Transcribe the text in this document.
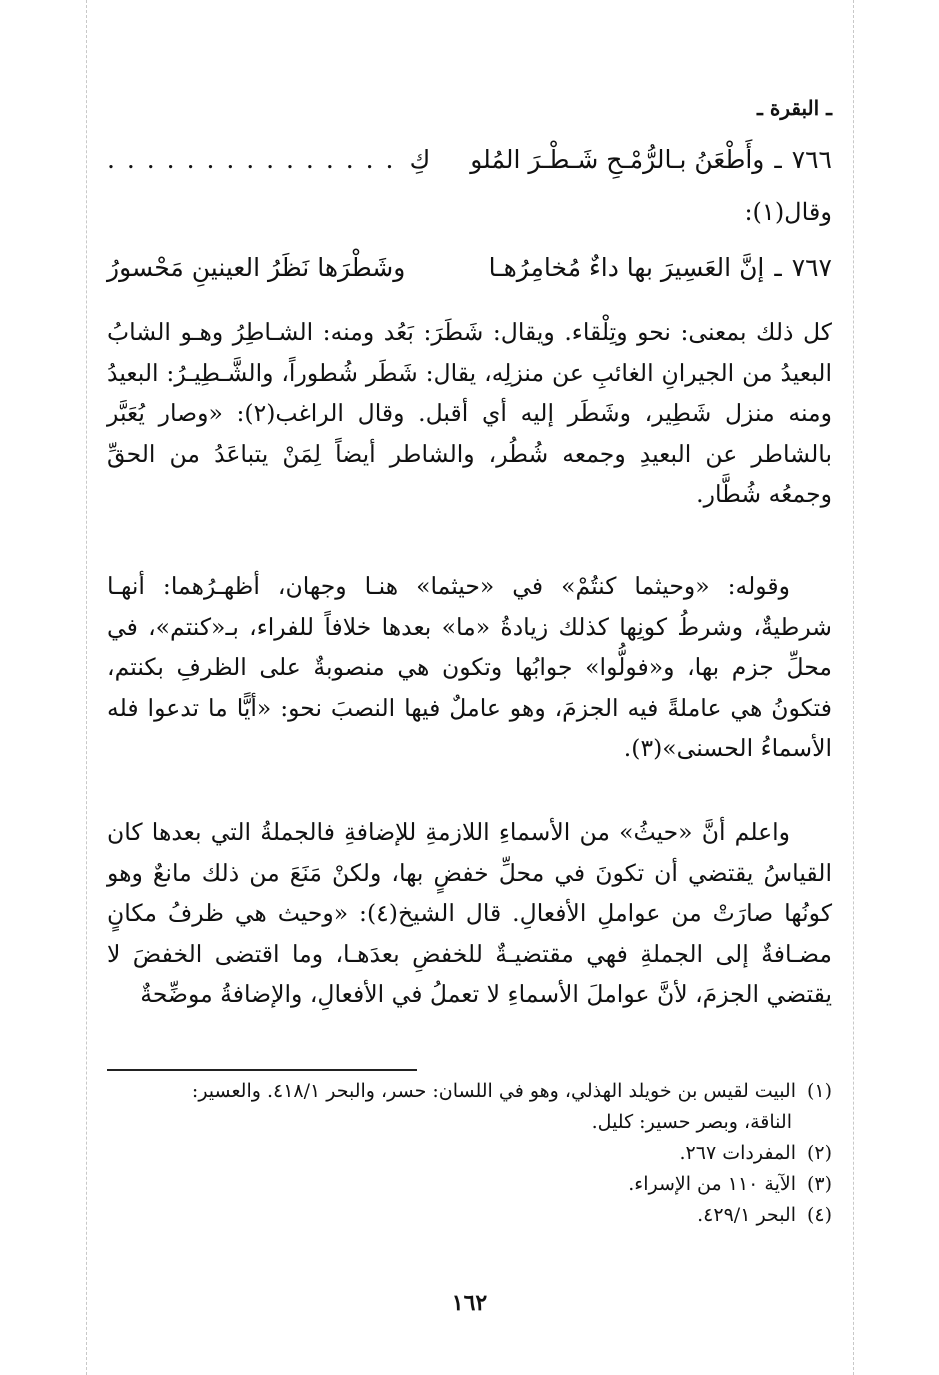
ـ البقرة ـ
٧٦٦
ـ
وأَطْعَنُ بـالرُّمْـحِ شَـطْـرَ المُلو
كِ
. . . . . . . . . . . . . . .
وقال(١):
٧٦٧
ـ
إنَّ العَسِيرَ بها داءٌ مُخامِرُهـا
وشَطْرَها نَظَرُ العينينِ مَحْسورُ

كل ذلك بمعنى: نحو وتِلْقاء. ويقال: شَطَرَ: بَعُد ومنه: الشـاطِرُ وهـو الشابُ البعيدُ من الجيرانِ الغائبِ عن منزلِه، يقال: شَطَر شُطوراً، والشَّـطِيـرُ: البعيدُ ومنه منزل شَطِير، وشَطَر إليه أي أقبل. وقال الراغب(٢): «وصار يُعَبَّر بالشاطر عن البعيدِ وجمعه شُطُر، والشاطر أيضاً لِمَنْ يتباعَدُ من الحقِّ وجمعُه شُطَّار.

وقوله: «وحيثما كنتُمْ» في «حيثما» هنـا وجهان، أظهـرُهما: أنهـا شرطيةٌ، وشرطُ كونِها كذلك زيادةُ «ما» بعدها خلافاً للفراء، بـ«كنتم»، في محلِّ جزم بها، و«فولُّوا» جوابُها وتكون هي منصوبةٌ على الظرفِ بكنتم، فتكونُ هي عاملةً فيه الجزمَ، وهو عاملٌ فيها النصبَ نحو: «أيًّا ما تدعوا فله الأسماءُ الحسنى»(٣).

واعلم أنَّ «حيثُ» من الأسماءِ اللازمةِ للإضافةِ فالجملةُ التي بعدها كان القياسُ يقتضي أن تكونَ في محلِّ خفضٍ بها، ولكنْ مَنَعَ من ذلك مانعٌ وهو كونُها صارَتْ من عواملِ الأفعالِ. قال الشيخ(٤): «وحيث هي ظرفُ مكانٍ مضـافةٌ إلى الجملةِ فهي مقتضيـةٌ للخفضِ بعدَهـا، وما اقتضى الخفضَ لا يقتضي الجزمَ، لأنَّ عواملَ الأسماءِ لا تعملُ في الأفعالِ، والإضافةُ موضِّحةٌ

(١)البيت لقيس بن خويلد الهذلي، وهو في اللسان: حسر، والبحر ٤١٨/١. والعسير:
الناقة، وبصر حسير: كليل.
(٢)المفردات ٢٦٧.
(٣)الآية ١١٠ من الإسراء.
(٤)البحر ٤٢٩/١.
١٦٢
